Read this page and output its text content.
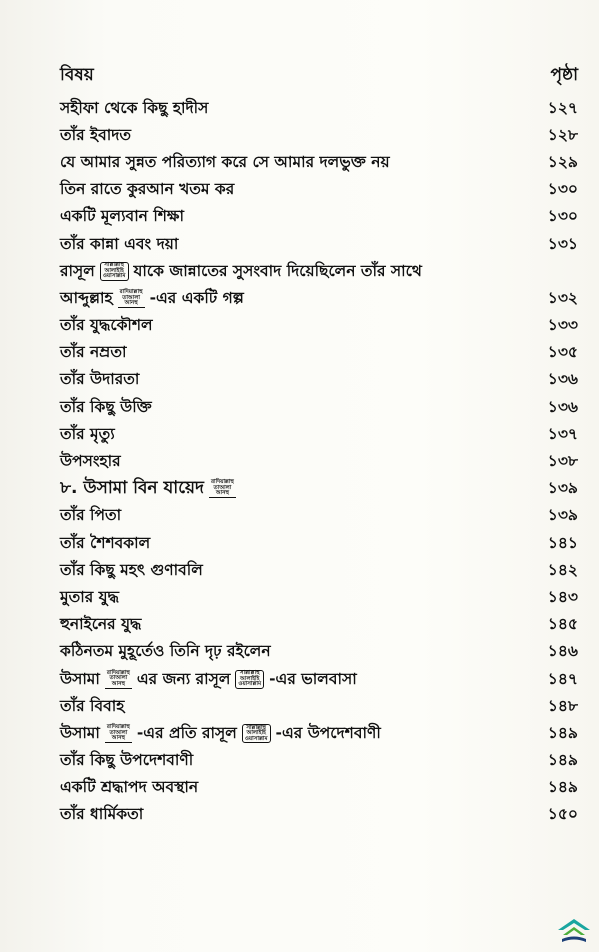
বিষয়	পৃষ্ঠা
সহীফা থেকে কিছু হাদীস	১২৭
তাঁর ইবাদত	১২৮
যে আমার সুন্নত পরিত্যাগ করে সে আমার দলভুক্ত নয়	১২৯
তিন রাতে কুরআন খতম কর	১৩০
একটি মূল্যবান শিক্ষা	১৩০
তাঁর কান্না এবং দয়া	১৩১
রাসূল সাল্লাল্লাহু
আলাইহি
ওয়াসাল্লাম যাকে জান্নাতের সুসংবাদ দিয়েছিলেন তাঁর সাথে
আব্দুল্লাহ রাদিয়াল্লাহু
তাআলা
আনহু -এর একটি গল্প	১৩২
তাঁর যুদ্ধকৌশল	১৩৩
তাঁর নম্রতা	১৩৫
তাঁর উদারতা	১৩৬
তাঁর কিছু উক্তি	১৩৬
তাঁর মৃত্যু	১৩৭
উপসংহার	১৩৮
৮. উসামা বিন যায়েদ রাদিয়াল্লাহু
তাআলা
আনহু	১৩৯
তাঁর পিতা	১৩৯
তাঁর শৈশবকাল	১৪১
তাঁর কিছু মহৎ গুণাবলি	১৪২
মুতার যুদ্ধ	১৪৩
হুনাইনের যুদ্ধ	১৪৫
কঠিনতম মুহূর্তেও তিনি দৃঢ় রইলেন	১৪৬
উসামা রাদিয়াল্লাহু
তাআলা
আনহু এর জন্য রাসূল সাল্লাল্লাহু
আলাইহি
ওয়াসাল্লাম -এর ভালবাসা	১৪৭
তাঁর বিবাহ	১৪৮
উসামা রাদিয়াল্লাহু
তাআলা
আনহু -এর প্রতি রাসূল সাল্লাল্লাহু
আলাইহি
ওয়াসাল্লাম -এর উপদেশবাণী	১৪৯
তাঁর কিছু উপদেশবাণী	১৪৯
একটি শ্রদ্ধাপদ অবস্থান	১৪৯
তাঁর ধার্মিকতা	১৫০
